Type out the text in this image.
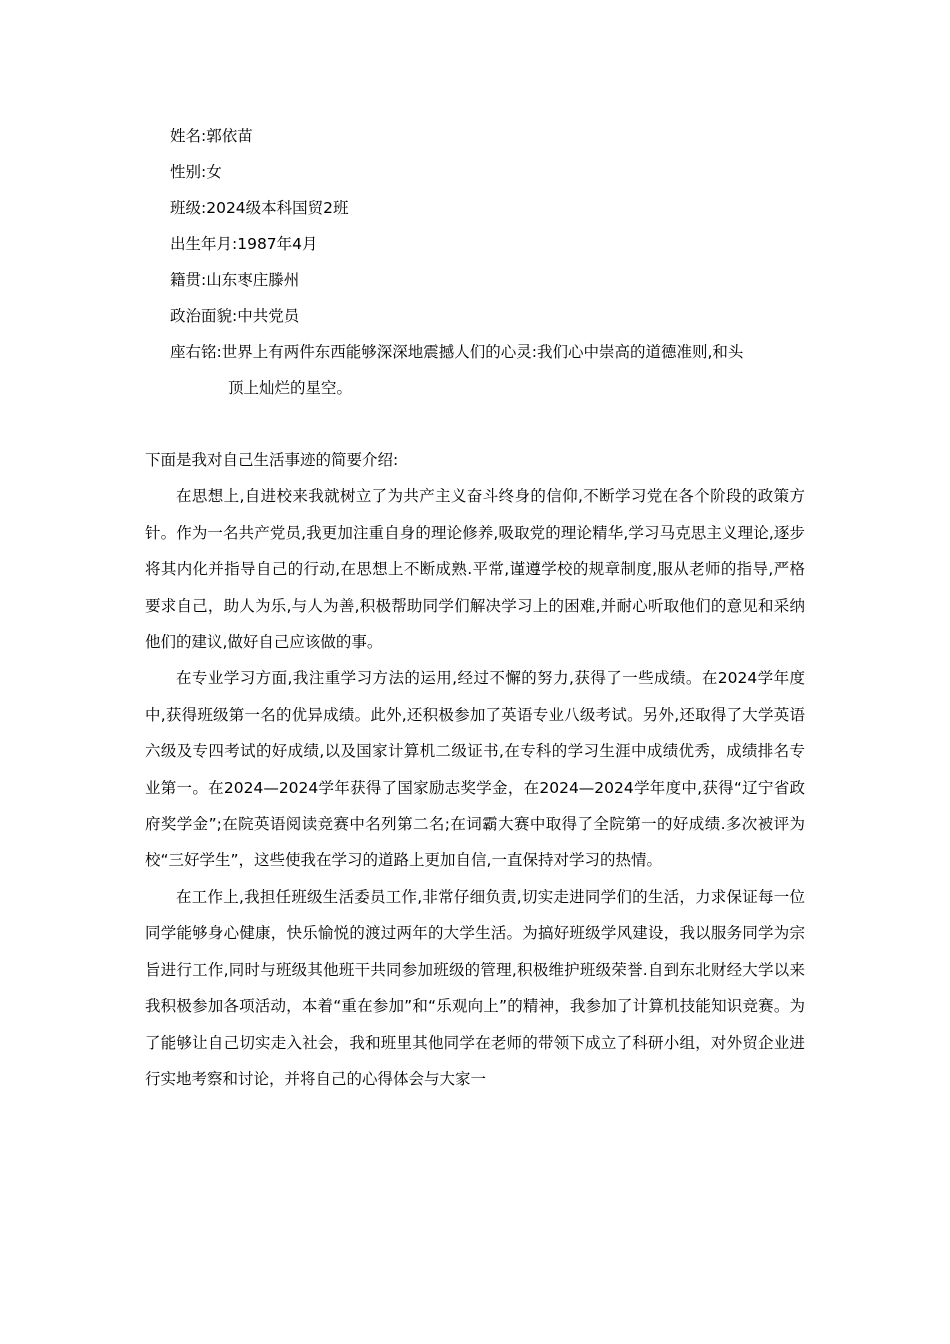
姓名:郭依苗
性别:女
班级:2024级本科国贸2班
出生年月:1987年4月
籍贯:山东枣庄滕州
政治面貌:中共党员
座右铭:世界上有两件东西能够深深地震撼人们的心灵:我们心中崇高的道德准则,和头
顶上灿烂的星空。
下面是我对自己生活事迹的简要介绍:

在思想上,自进校来我就树立了为共产主义奋斗终身的信仰,不断学习党在各个阶段的政策方针。作为一名共产党员,我更加注重自身的理论修养,吸取党的理论精华,学习马克思主义理论,逐步将其内化并指导自己的行动,在思想上不断成熟.平常,谨遵学校的规章制度,服从老师的指导,严格要求自己，助人为乐,与人为善,积极帮助同学们解决学习上的困难,并耐心听取他们的意见和采纳他们的建议,做好自己应该做的事。

在专业学习方面,我注重学习方法的运用,经过不懈的努力,获得了一些成绩。在2024学年度中,获得班级第一名的优异成绩。此外,还积极参加了英语专业八级考试。另外,还取得了大学英语六级及专四考试的好成绩,以及国家计算机二级证书,在专科的学习生涯中成绩优秀，成绩排名专业第一。在2024—2024学年获得了国家励志奖学金，在2024—2024学年度中,获得“辽宁省政府奖学金”;在院英语阅读竞赛中名列第二名;在词霸大赛中取得了全院第一的好成绩.多次被评为校“三好学生”，这些使我在学习的道路上更加自信,一直保持对学习的热情。

在工作上,我担任班级生活委员工作,非常仔细负责,切实走进同学们的生活，力求保证每一位同学能够身心健康，快乐愉悦的渡过两年的大学生活。为搞好班级学风建设，我以服务同学为宗旨进行工作,同时与班级其他班干共同参加班级的管理,积极维护班级荣誉.自到东北财经大学以来我积极参加各项活动，本着“重在参加”和“乐观向上”的精神，我参加了计算机技能知识竞赛。为了能够让自己切实走入社会，我和班里其他同学在老师的带领下成立了科研小组，对外贸企业进行实地考察和讨论，并将自己的心得体会与大家一
